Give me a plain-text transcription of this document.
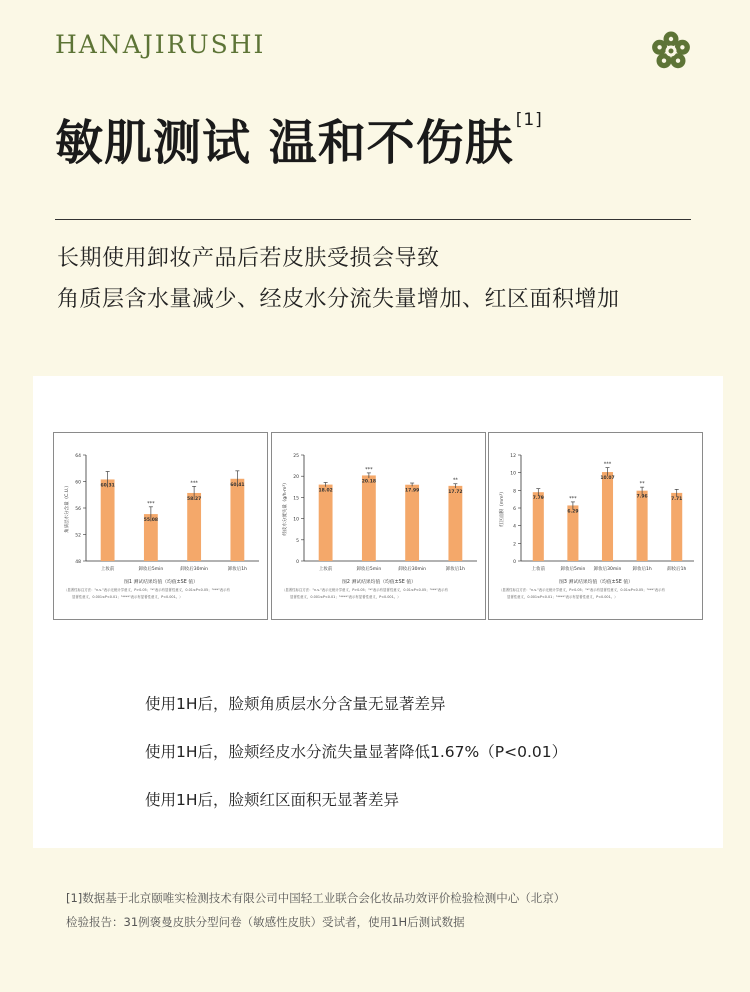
HANAJIRUSHI
敏肌测试 温和不伤肤 [1]
长期使用卸妆产品后若皮肤受损会导致
角质层含水量减少、经皮水分流失量增加、红区面积增加
48
52
56
60
64
角质层水分含量（C.U.）	60.31
上妆前
55.08
***
卸妆后5min
58.27
***
卸妆后30min
60.41
卸妆后1h
图1 测试结果均值（均值±SE 值）
（显著性标注方法："n.s."表示无统计学意义，P>0.05；"*"表示有显著性意义，0.01≤P<0.05；"***"表示有
显著性意义，0.001≤P<0.01；"****"表示有显著性意义，P<0.001。）
0
5
10
15
20
25
经皮水分流失量（g/h·m²）	18.02
上妆前
20.18
***
卸妆后5min
17.99
卸妆后30min
17.72
**
卸妆后1h
图2 测试结果均值（均值±SE 值）
（显著性标注方法："n.s."表示无统计学意义，P>0.05；"*"表示有显著性意义，0.01≤P<0.05；"***"表示有
显著性意义，0.001≤P<0.01；"****"表示有显著性意义，P<0.001。）
0
2
4
6
8
10
12
红区面积（mm²）	7.79
上妆前
6.29
***
卸妆后5min
10.07
***
卸妆后30min
7.96
**
卸妆后1h
7.71
卸妆后1h
图3 测试结果均值（均值±SE 值）
（显著性标注方法："n.s."表示无统计学意义，P>0.05；"*"表示有显著性意义，0.01≤P<0.05；"***"表示有
显著性意义，0.001≤P<0.01；"****"表示有显著性意义，P<0.001。）
使用1H后，脸颊角质层水分含量无显著差异
使用1H后，脸颊经皮水分流失量显著降低1.67%（P<0.01）
使用1H后，脸颊红区面积无显著差异
[1]数据基于北京颐唯实检测技术有限公司中国轻工业联合会化妆品功效评价检验检测中心（北京）
检验报告：31例褒曼皮肤分型问卷（敏感性皮肤）受试者，使用1H后测试数据
